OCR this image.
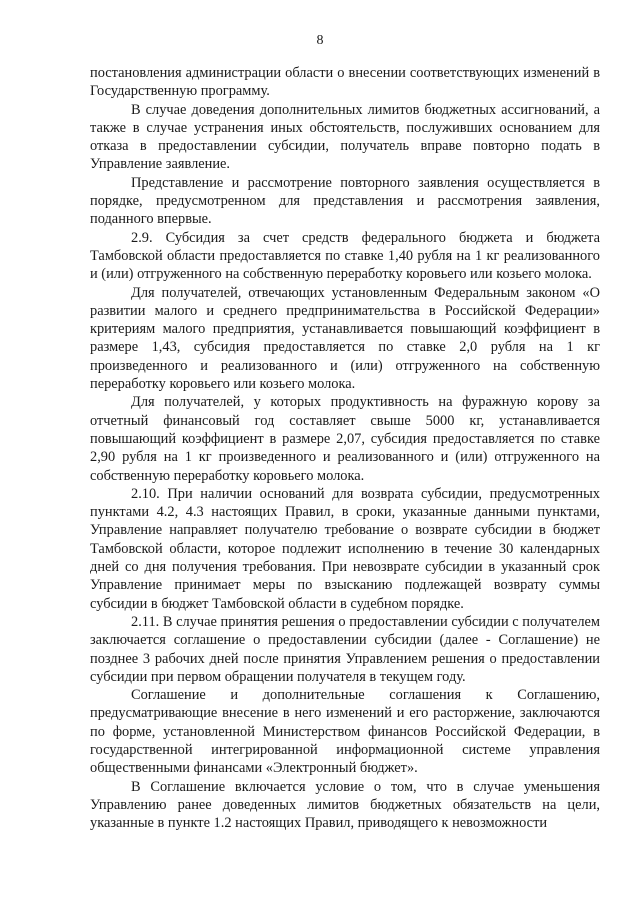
8

постановления администрации области о внесении соответствующих изменений в Государственную программу.

В случае доведения дополнительных лимитов бюджетных ассигнований, а также в случае устранения иных обстоятельств, послуживших основанием для отказа в предоставлении субсидии, получатель вправе повторно подать в Управление заявление.

Представление и рассмотрение повторного заявления осуществляется в порядке, предусмотренном для представления и рассмотрения заявления, поданного впервые.

2.9. Субсидия за счет средств федерального бюджета и бюджета Тамбовской области предоставляется по ставке 1,40 рубля на 1 кг реализованного и (или) отгруженного на собственную переработку коровьего или козьего молока.

Для получателей, отвечающих установленным Федеральным законом «О развитии малого и среднего предпринимательства в Российской Федерации» критериям малого предприятия, устанавливается повышающий коэффициент в размере 1,43, субсидия предоставляется по ставке 2,0 рубля на 1 кг произведенного и реализованного и (или) отгруженного на собственную переработку коровьего или козьего молока.

Для получателей, у которых продуктивность на фуражную корову за отчетный финансовый год составляет свыше 5000 кг, устанавливается повышающий коэффициент в размере 2,07, субсидия предоставляется по ставке 2,90 рубля на 1 кг произведенного и реализованного и (или) отгруженного на собственную переработку коровьего молока.

2.10. При наличии оснований для возврата субсидии, предусмотренных пунктами 4.2, 4.3 настоящих Правил, в сроки, указанные данными пунктами, Управление направляет получателю требование о возврате субсидии в бюджет Тамбовской области, которое подлежит исполнению в течение 30 календарных дней со дня получения требования. При невозврате субсидии в указанный срок Управление принимает меры по взысканию подлежащей возврату суммы субсидии в бюджет Тамбовской области в судебном порядке.

2.11. В случае принятия решения о предоставлении субсидии с получателем заключается соглашение о предоставлении субсидии (далее - Соглашение) не позднее 3 рабочих дней после принятия Управлением решения о предоставлении субсидии при первом обращении получателя в текущем году.

Соглашение и дополнительные соглашения к Соглашению, предусматривающие внесение в него изменений и его расторжение, заключаются по форме, установленной Министерством финансов Российской Федерации, в государственной интегрированной информационной системе управления общественными финансами «Электронный бюджет».

В Соглашение включается условие о том, что в случае уменьшения Управлению ранее доведенных лимитов бюджетных обязательств на цели, указанные в пункте 1.2 настоящих Правил, приводящего к невозможности
